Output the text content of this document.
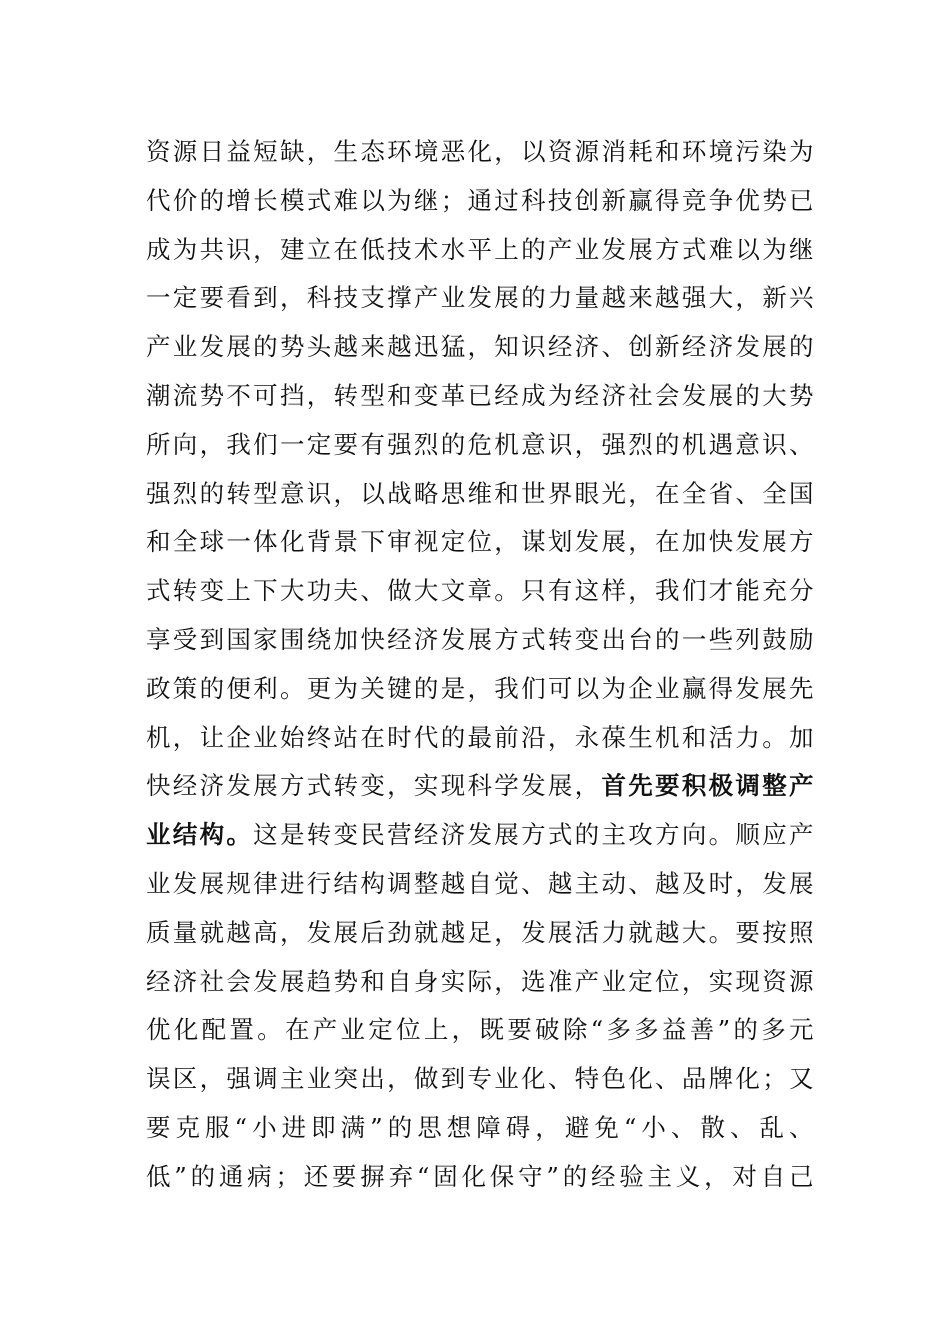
资源日益短缺，生态环境恶化，以资源消耗和环境污染为
代价的增长模式难以为继；通过科技创新赢得竞争优势已
成为共识，建立在低技术水平上的产业发展方式难以为继
一定要看到，科技支撑产业发展的力量越来越强大，新兴
产业发展的势头越来越迅猛，知识经济、创新经济发展的
潮流势不可挡，转型和变革已经成为经济社会发展的大势
所向，我们一定要有强烈的危机意识，强烈的机遇意识、
强烈的转型意识，以战略思维和世界眼光，在全省、全国
和全球一体化背景下审视定位，谋划发展，在加快发展方
式转变上下大功夫、做大文章。只有这样，我们才能充分
享受到国家围绕加快经济发展方式转变出台的一些列鼓励
政策的便利。更为关键的是，我们可以为企业赢得发展先
机，让企业始终站在时代的最前沿，永葆生机和活力。加
快经济发展方式转变，实现科学发展，首先要积极调整产
业结构。这是转变民营经济发展方式的主攻方向。顺应产
业发展规律进行结构调整越自觉、越主动、越及时，发展
质量就越高，发展后劲就越足，发展活力就越大。要按照
经济社会发展趋势和自身实际，选准产业定位，实现资源
优化配置。在产业定位上，既要破除“多多益善”的多元
误区，强调主业突出，做到专业化、特色化、品牌化；又
要克服“小进即满”的思想障碍，避免“小、散、乱、
低”的通病；还要摒弃“固化保守”的经验主义，对自己
